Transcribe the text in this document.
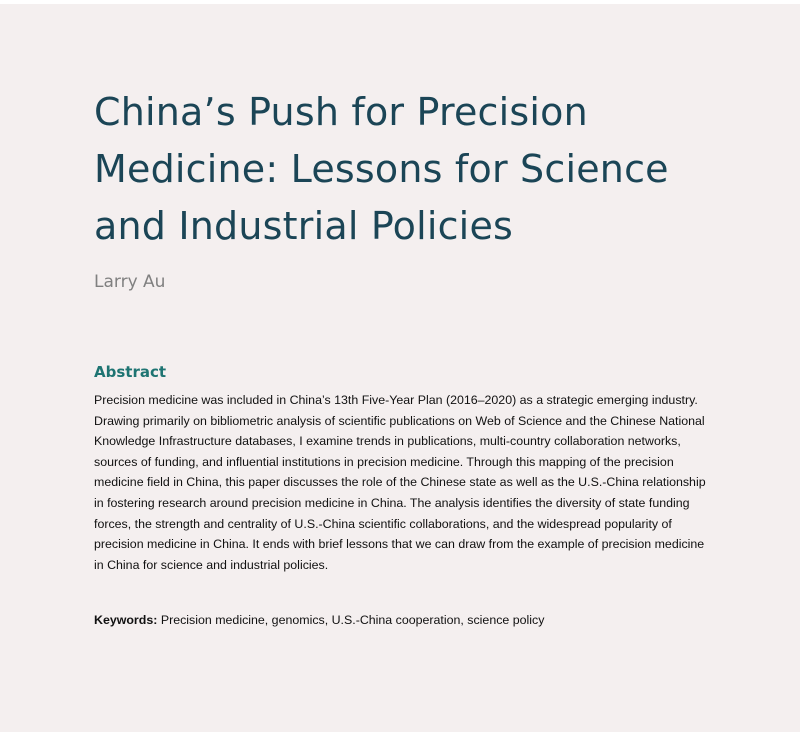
China’s Push for Precision Medicine: Lessons for Science and Industrial Policies

Larry Au

Abstract

Precision medicine was included in China’s 13th Five-Year Plan (2016–2020) as a strategic emerging industry. Drawing primarily on bibliometric analysis of scientific publications on Web of Science and the Chinese National Knowledge Infrastructure databases, I examine trends in publications, multi-country collaboration networks, sources of funding, and influential institutions in precision medicine. Through this mapping of the precision medicine field in China, this paper discusses the role of the Chinese state as well as the U.S.-China relationship in fostering research around precision medicine in China. The analysis identifies the diversity of state funding forces, the strength and centrality of U.S.-China scientific collaborations, and the widespread popularity of precision medicine in China. It ends with brief lessons that we can draw from the example of precision medicine in China for science and industrial policies.

Keywords: Precision medicine, genomics, U.S.-China cooperation, science policy
